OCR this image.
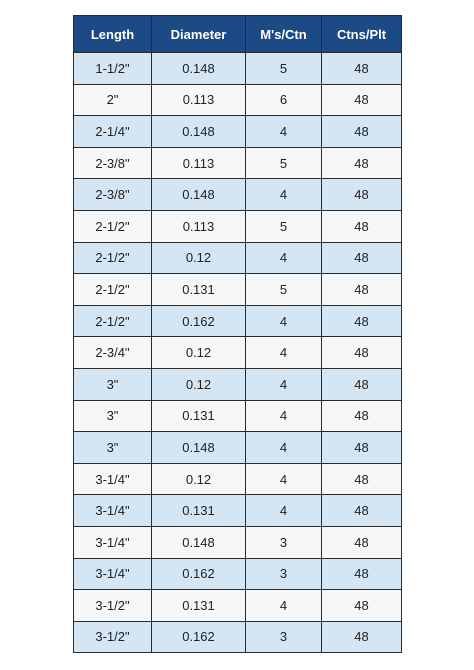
Length	Diameter	M's/Ctn	Ctns/Plt
1-1/2"	0.148	5	48
2"	0.113	6	48
2-1/4"	0.148	4	48
2-3/8"	0.113	5	48
2-3/8"	0.148	4	48
2-1/2"	0.113	5	48
2-1/2"	0.12	4	48
2-1/2"	0.131	5	48
2-1/2"	0.162	4	48
2-3/4"	0.12	4	48
3"	0.12	4	48
3"	0.131	4	48
3"	0.148	4	48
3-1/4"	0.12	4	48
3-1/4"	0.131	4	48
3-1/4"	0.148	3	48
3-1/4"	0.162	3	48
3-1/2"	0.131	4	48
3-1/2"	0.162	3	48
